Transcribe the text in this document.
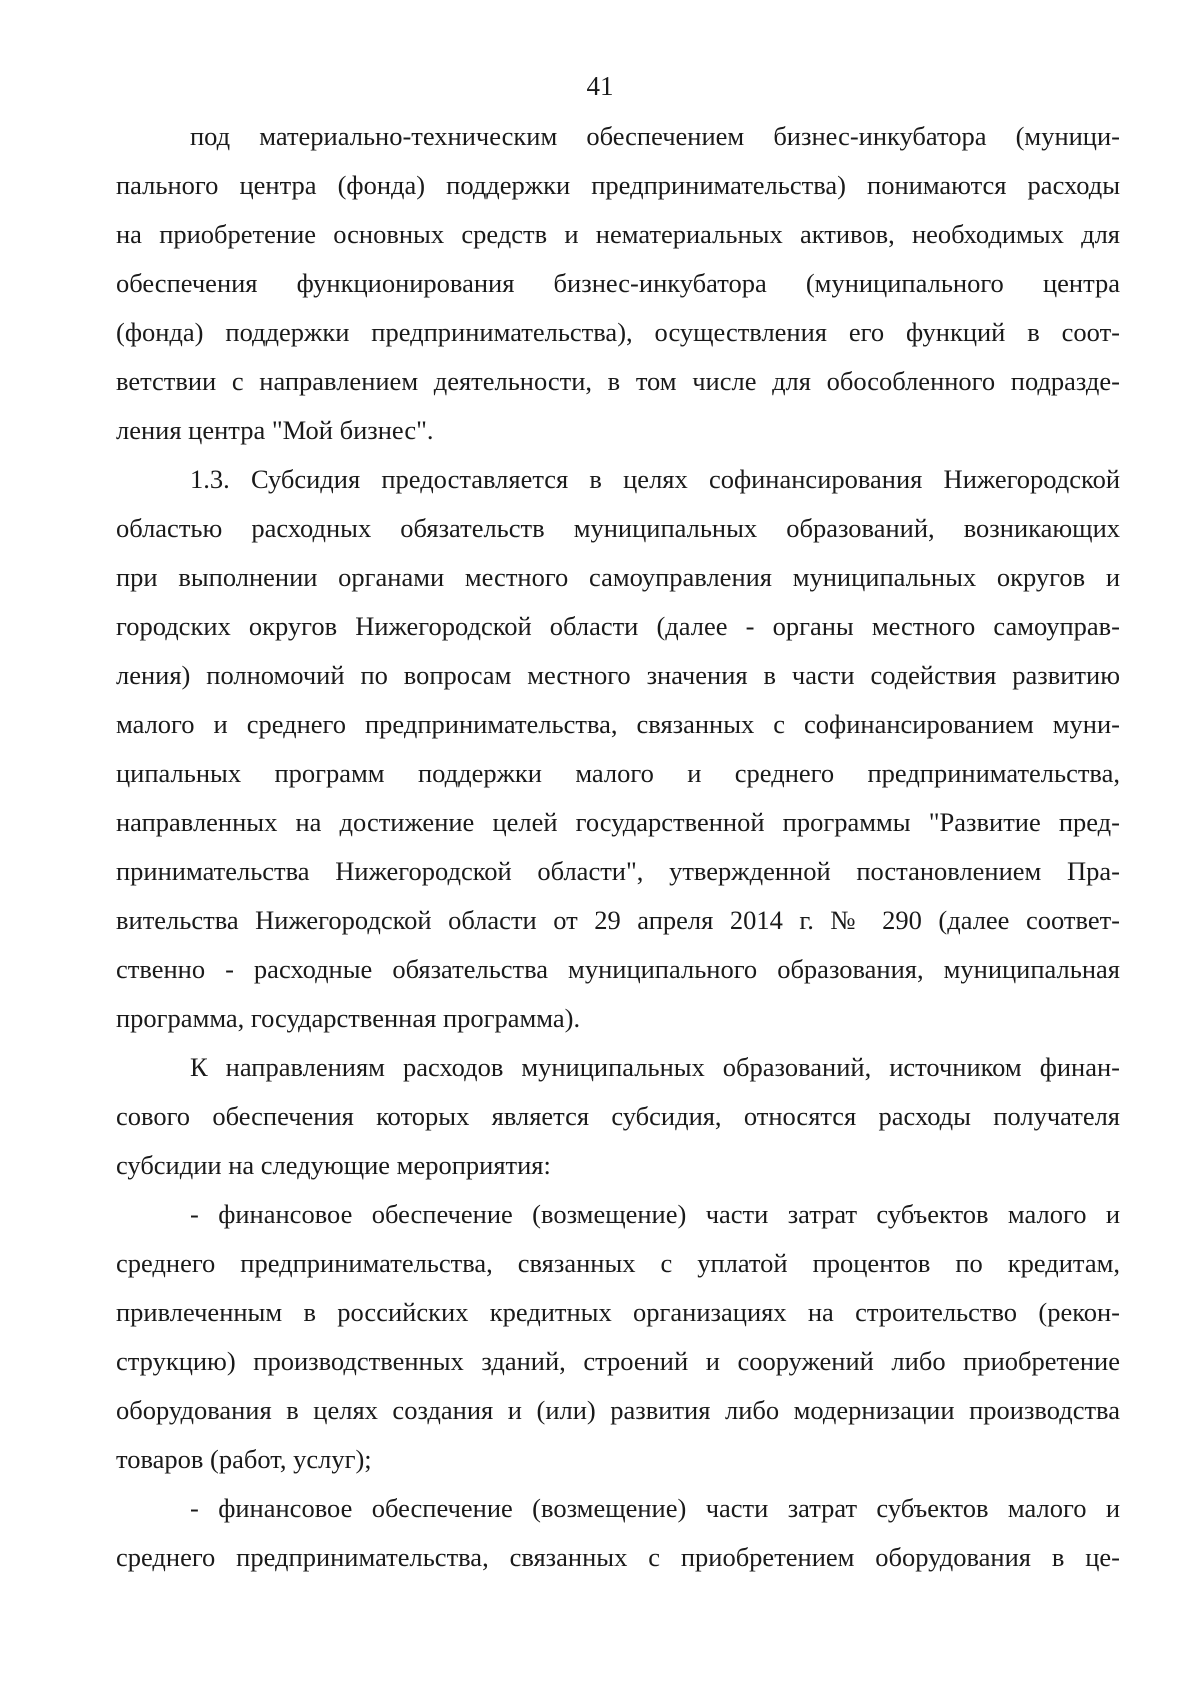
41
под материально-техническим обеспечением бизнес-инкубатора (муници-
пального центра (фонда) поддержки предпринимательства) понимаются расходы
на приобретение основных средств и нематериальных активов, необходимых для
обеспечения функционирования бизнес-инкубатора (муниципального центра
(фонда) поддержки предпринимательства), осуществления его функций в соот-
ветствии с направлением деятельности, в том числе для обособленного подразде-
ления центра "Мой бизнес".
1.3. Субсидия предоставляется в целях софинансирования Нижегородской
областью расходных обязательств муниципальных образований, возникающих
при выполнении органами местного самоуправления муниципальных округов и
городских округов Нижегородской области (далее - органы местного самоуправ-
ления) полномочий по вопросам местного значения в части содействия развитию
малого и среднего предпринимательства, связанных с софинансированием муни-
ципальных программ поддержки малого и среднего предпринимательства,
направленных на достижение целей государственной программы "Развитие пред-
принимательства Нижегородской области", утвержденной постановлением Пра-
вительства Нижегородской области от 29 апреля 2014 г. № 290 (далее соответ-
ственно - расходные обязательства муниципального образования, муниципальная
программа, государственная программа).
К направлениям расходов муниципальных образований, источником финан-
сового обеспечения которых является субсидия, относятся расходы получателя
субсидии на следующие мероприятия:
- финансовое обеспечение (возмещение) части затрат субъектов малого и
среднего предпринимательства, связанных с уплатой процентов по кредитам,
привлеченным в российских кредитных организациях на строительство (рекон-
струкцию) производственных зданий, строений и сооружений либо приобретение
оборудования в целях создания и (или) развития либо модернизации производства
товаров (работ, услуг);
- финансовое обеспечение (возмещение) части затрат субъектов малого и
среднего предпринимательства, связанных с приобретением оборудования в це-
